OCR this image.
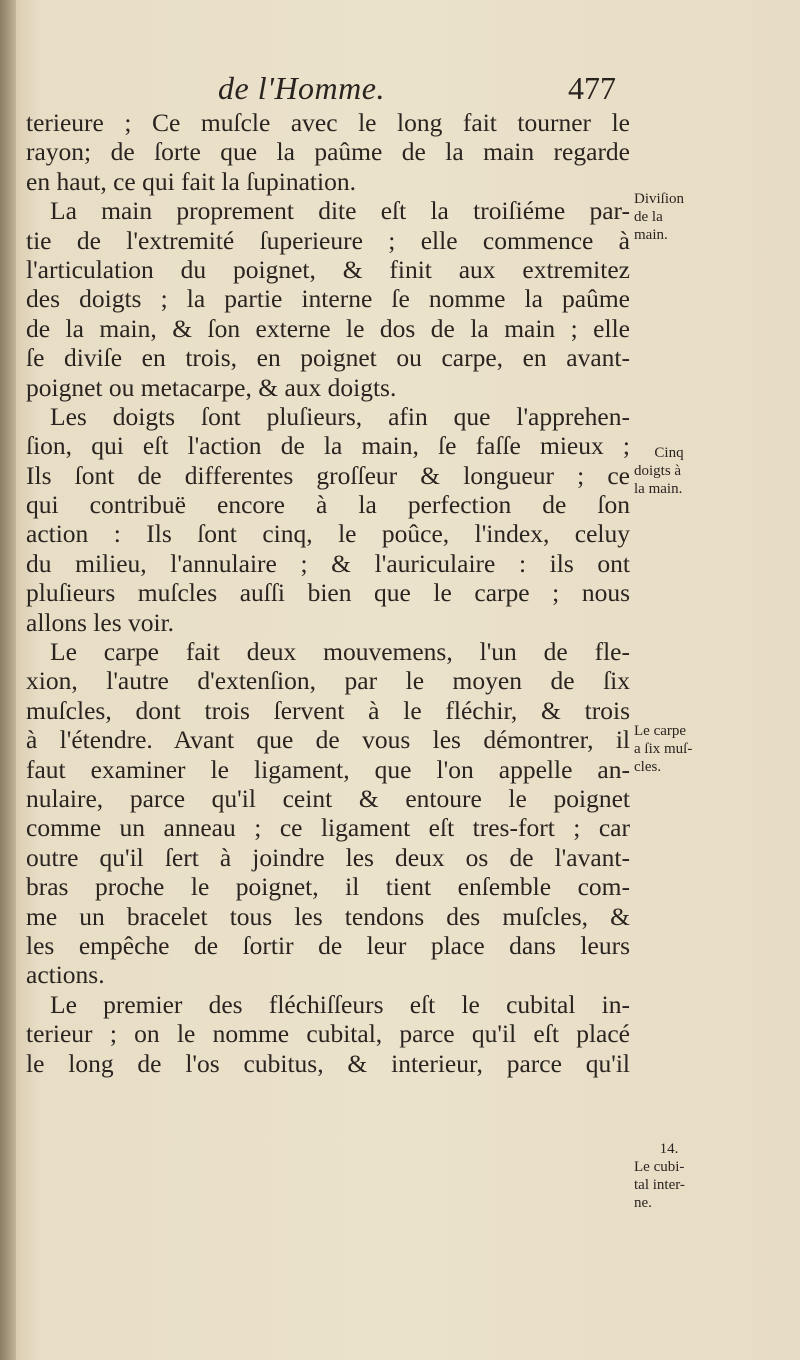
de l'Homme.	477
terieure ; Ce muſcle avec le long fait tourner le
rayon; de ſorte que la paûme de la main regarde
en haut, ce qui fait la ſupination.
La main proprement dite eſt la troiſiéme par-
tie de l'extremité ſuperieure ; elle commence à
l'articulation du poignet, & finit aux extremitez
des doigts ; la partie interne ſe nomme la paûme
de la main, & ſon externe le dos de la main ; elle
ſe diviſe en trois, en poignet ou carpe, en avant-
poignet ou metacarpe, & aux doigts.
Les doigts ſont pluſieurs, afin que l'apprehen-
ſion, qui eſt l'action de la main, ſe faſſe mieux ;
Ils ſont de differentes groſſeur & longueur ; ce
qui contribuë encore à la perfection de ſon
action : Ils ſont cinq, le poûce, l'index, celuy
du milieu, l'annulaire ; & l'auriculaire : ils ont
pluſieurs muſcles auſſi bien que le carpe ; nous
allons les voir.
Le carpe fait deux mouvemens, l'un de fle-
xion, l'autre d'extenſion, par le moyen de ſix
muſcles, dont trois ſervent à le fléchir, & trois
à l'étendre. Avant que de vous les démontrer, il
faut examiner le ligament, que l'on appelle an-
nulaire, parce qu'il ceint & entoure le poignet
comme un anneau ; ce ligament eſt tres-fort ; car
outre qu'il ſert à joindre les deux os de l'avant-
bras proche le poignet, il tient enſemble com-
me un bracelet tous les tendons des muſcles, &
les empêche de ſortir de leur place dans leurs
actions.
Le premier des fléchiſſeurs eſt le cubital in-
terieur ; on le nomme cubital, parce qu'il eſt placé
le long de l'os cubitus, & interieur, parce qu'il
Diviſion
de la
main.
Cinq
doigts à
la main.
Le carpe
a ſix muſ-
cles.
14.
Le cubi-
tal inter-
ne.
